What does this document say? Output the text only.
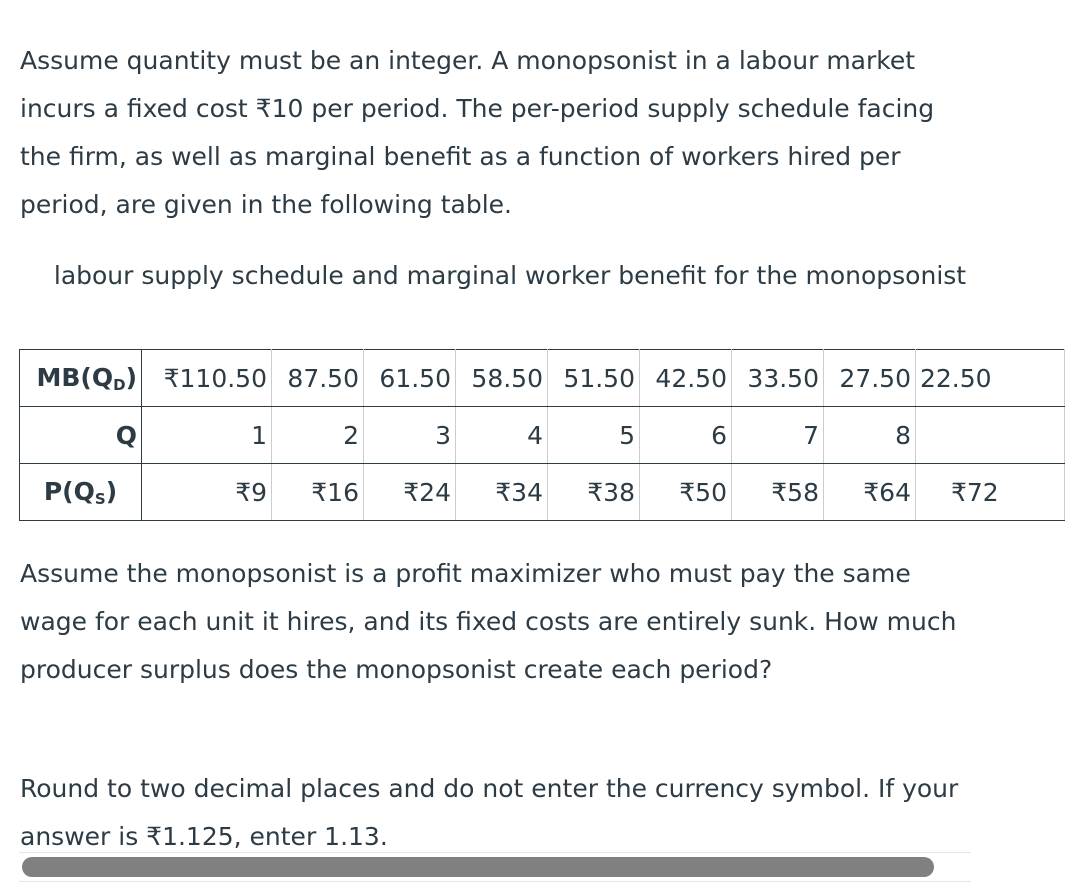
Assume quantity must be an integer. A monopsonist in a labour market incurs a fixed cost ₹10 per period. The per-period supply schedule facing the firm, as well as marginal benefit as a function of workers hired per period, are given in the following table.

labour supply schedule and marginal worker benefit for the monopsonist

$MB(Q_D)$	₹110.50	87.50	61.50	58.50	51.50	42.50	33.50	27.50	22.50
Q	1	2	3	4	5	6	7	8	
$P(Q_S)$	₹9	₹16	₹24	₹34	₹38	₹50	₹58	₹64	₹72

Assume the monopsonist is a profit maximizer who must pay the same wage for each unit it hires, and its fixed costs are entirely sunk. How much producer surplus does the monopsonist create each period?

Round to two decimal places and do not enter the currency symbol. If your answer is ₹1.125, enter 1.13.
